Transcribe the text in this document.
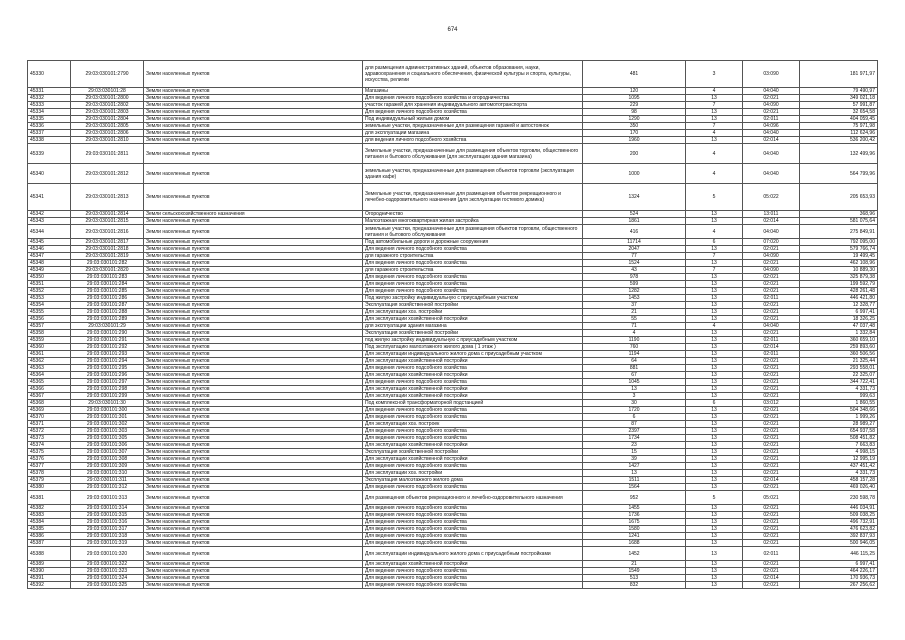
674
45330	29:03:030101:2790	Земли населенных пунктов	для размещения административных зданий, объектов образования, науки, здравоохранения и социального обеспечения, физической культуры и спорта, культуры, искусства, религии	481	3	03:090	181 971,97
45331	29:03:030101:28	Земли населенных пунктов	Магазины	120	4	04:040	79 490,97
45332	29:03:030101:2800	Земли населенных пунктов	Для ведения личного подсобного хозяйства и огородничества	1095	13	02:021	349 021,18
45333	29:03:030101:2802	Земли населенных пунктов	участок гаражей для хранения индивидуального автомототранспорта	229	7	04:090	57 991,87
45334	29:03:030101:2803	Земли населенных пунктов	Для ведения личного подсобного хозяйства	98	13	02:021	32 654,58
45335	29:03:030101:2804	Земли населенных пунктов	Под индивидуальный жилым домом	1290	13	02:011	404 059,45
45336	29:03:030101:2805	Земли населенных пунктов	земельные участки, предназначенные для размещения гаражей и автостоянок	350	7	04:096	75 971,98
45337	29:03:030101:2806	Земли населенных пунктов	для эксплуатации магазина	170	4	04:040	112 624,96
45338	29:03:030101:2810	Земли населенных пунктов	для ведения личного подсобного хозяйства	1960	13	02:014	536 200,42
45339	29:03:030101:2811	Земли населенных пунктов	Земельные участки, предназначенные для размещения объектов торговли, общественного питания и бытового обслуживания (для эксплуатации здания магазина)	200	4	04:040	132 499,96
45340	29:03:030101:2812	Земли населенных пунктов	земельные участки, предназначенные для размещения объектов торговли (эксплуатация здания кафе)	1000	4	04:040	564 799,96
45341	29:03:030101:2813	Земли населенных пунктов	Земельные участки, предназначенные для размещения объектов рекреационного и лечебно-оздоровительного назначения (для эксплуатации гостевого домика)	1324	5	05:022	205 653,93
45342	29:03:030101:2814	Земли сельскохозяйственного назначения	Огородничество	524	13	13:011	368,96
45343	29:03:030101:2815	Земли населенных пунктов	Малоэтажная многоквартирная жилая застройка	1861	13	02:014	581 075,64
45344	29:03:030101:2816	Земли населенных пунктов	земельные участки, предназначенные для размещения объектов торговли, общественного питания и бытового обслуживания	416	4	04:040	275 849,91
45345	29:03:030101:2817	Земли населенных пунктов	Под автомобильные дороги и дорожные сооружения	11714	6	07:020	792 095,00
45346	29:03:030101:2818	Земли населенных пунктов	Для ведения личного подсобного хозяйства	2047	13	02:021	579 766,74
45347	29:03:030101:2819	Земли населенных пунктов	для гаражного строительства	77	7	04:090	19 499,45
45348	29:03:030101:282	Земли населенных пунктов	Для ведения личного подсобного хозяйства	1524	13	02:021	462 108,96
45349	29:03:030101:2820	Земли населенных пунктов	для гаражного строительства	43	7	04:090	10 889,30
45350	29:03:030101:283	Земли населенных пунктов	Для ведения личного подсобного хозяйства	978	13	02:021	325 879,38
45351	29:03:030101:284	Земли населенных пунктов	Для ведения личного подсобного хозяйства	599	13	02:021	199 592,79
45352	29:03:030101:285	Земли населенных пунктов	Для ведения личного подсобного хозяйства	1282	13	02:021	428 261,48
45353	29:03:030101:286	Земли населенных пунктов	Под жилую застройку индивидуальную с приусадебным участком	1453	13	02:011	446 421,80
45354	29:03:030101:287	Земли населенных пунктов	Эксплуатация хозяйственной постройки	37	13	02:021	12 328,77
45355	29:03:030101:288	Земли населенных пунктов	Для эксплуатации хоз. постройки	21	13	02:021	6 997,41
45356	29:03:030101:289	Земли населенных пунктов	Для эксплуатации хозяйственной постройки	55	13	02:021	18 326,25
45357	29:03:030101:29	Земли населенных пунктов	для эксплуатации здания магазина	71	4	04:040	47 037,48
45358	29:03:030101:290	Земли населенных пунктов	Эксплуатация хозяйственной постройки	4	13	02:021	1 332,84
45359	29:03:030101:291	Земли населенных пунктов	под жилую застройку индивидуальную с приусадебным участком	1190	13	02:011	360 659,10
45360	29:03:030101:292	Земли населенных пунктов	Под эксплуатацию малоэтажного жилого дома ( 1 этаж )	760	13	02:014	259 893,60
45361	29:03:030101:293	Земли населенных пунктов	Для эксплуатации индивидуального жилого дома с приусадебным участком	1194	13	02:011	360 506,56
45362	29:03:030101:294	Земли населенных пунктов	Для эксплуатации хозяйственной постройки	64	13	02:021	21 325,44
45363	29:03:030101:295	Земли населенных пунктов	Для ведения личного подсобного хозяйства	881	13	02:021	293 558,01
45364	29:03:030101:296	Земли населенных пунктов	Для эксплуатации хозяйственной постройки	67	13	02:021	22 325,07
45365	29:03:030101:297	Земли населенных пунктов	Для ведения личного подсобного хозяйства	1045	13	02:021	344 722,41
45366	29:03:030101:298	Земли населенных пунктов	Для эксплуатации хозяйственной постройки	13	13	02:021	4 331,73
45367	29:03:030101:299	Земли населенных пунктов	Для эксплуатации хозяйственной постройки	3	13	02:021	999,63
45368	29:03:030101:30	Земли населенных пунктов	Под комплексной трансформаторной подстанцией	30	6	03:012	1 860,55
45369	29:03:030101:300	Земли населенных пунктов	Для ведения личного подсобного хозяйства	1720	13	02:021	504 348,66
45370	29:03:030101:301	Земли населенных пунктов	Для ведения личного подсобного хозяйства	6	13	02:021	1 999,26
45371	29:03:030101:302	Земли населенных пунктов	Для эксплуатации хоз. построек	87	13	02:021	28 989,27
45372	29:03:030101:303	Земли населенных пунктов	Для ведения личного подсобного хозяйства	2397	13	02:021	654 937,58
45373	29:03:030101:305	Земли населенных пунктов	Для ведения личного подсобного хозяйства	1734	13	02:021	508 451,82
45374	29:03:030101:306	Земли населенных пунктов	Для эксплуатации хозяйственной постройки	23	13	02:021	7 663,83
45375	29:03:030101:307	Земли населенных пунктов	Эксплуатация хозяйственной постройки	15	13	02:021	4 998,15
45376	29:03:030101:308	Земли населенных пунктов	Для эксплуатации хозяйственной постройки	39	13	02:021	12 995,19
45377	29:03:030101:309	Земли населенных пунктов	Для ведения личного подсобного хозяйства	1427	13	02:021	437 451,42
45378	29:03:030101:310	Земли населенных пунктов	Для эксплуатации хоз. постройки	13	13	02:021	4 331,73
45379	29:03:030101:311	Земли населенных пунктов	Эксплуатация малоэтажного жилого дома	1511	13	02:014	458 157,28
45380	29:03:030101:312	Земли населенных пунктов	Для ведения личного подсобного хозяйства	1564	13	02:021	469 026,40
45381	29:03:030101:313	Земли населенных пунктов	Для размещения объектов рекреационного и лечебно-оздоровительного назначения	952	5	05:021	230 598,78
45382	29:03:030101:314	Земли населенных пунктов	Для ведения личного подсобного хозяйства	1455	13	02:021	446 034,91
45383	29:03:030101:315	Земли населенных пунктов	Для ведения личного подсобного хозяйства	1736	13	02:021	509 038,25
45384	29:03:030101:316	Земли населенных пунктов	Для ведения личного подсобного хозяйства	1675	13	02:021	496 732,91
45385	29:03:030101:317	Земли населенных пунктов	Для ведения личного подсобного хозяйства	1580	13	02:021	476 623,82
45386	29:03:030101:318	Земли населенных пунктов	Для ведения личного подсобного хозяйства	1241	13	02:021	392 837,93
45387	29:03:030101:319	Земли населенных пунктов	Для ведения личного подсобного хозяйства	1688	13	02:021	500 946,05
45388	29:03:030101:320	Земли населенных пунктов	Для эксплуатации индивидуального жилого дома с приусадебным постройками	1452	13	02:011	446 115,25
45389	29:03:030101:322	Земли населенных пунктов	Для эксплуатации хозяйственной постройки	21	13	02:021	6 997,41
45390	29:03:030101:323	Земли населенных пунктов	Для ведения личного подсобного хозяйства	1549	13	02:021	464 226,17
45391	29:03:030101:324	Земли населенных пунктов	Для ведения личного подсобного хозяйства	513	13	02:014	170 936,73
45392	29:03:030101:325	Земли населенных пунктов	Для ведения личного подсобного хозяйства	832	13	02:021	267 256,62
